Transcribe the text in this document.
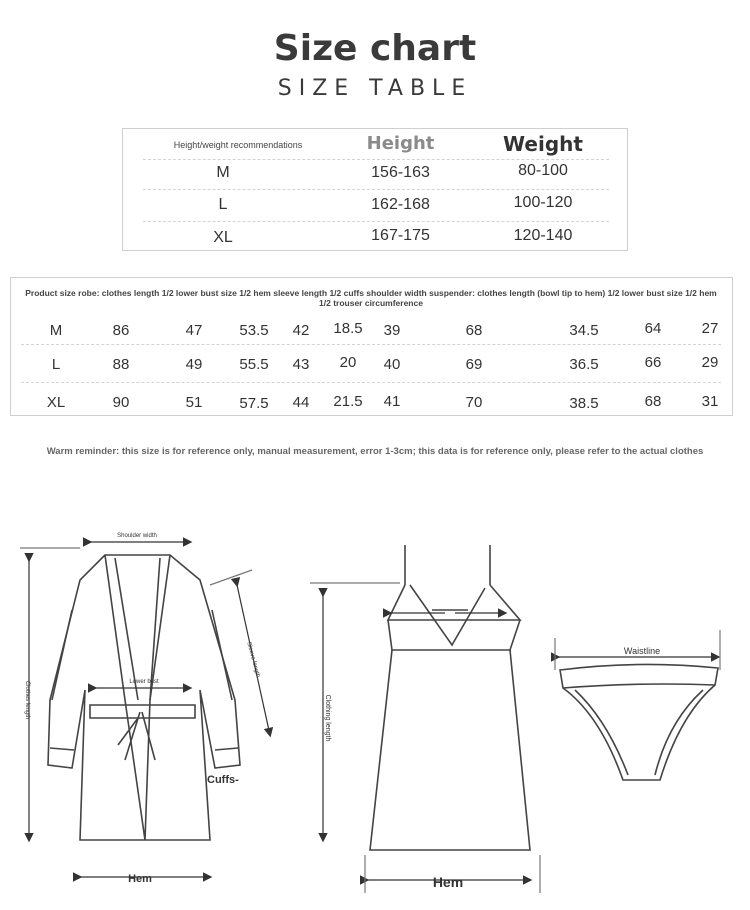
Size chart
SIZE TABLE
Height/weight recommendations	Height	Weight
M	156-163	80-100
L	162-168	100-120
XL	167-175	120-140
Product size robe: clothes length 1/2 lower bust size 1/2 hem sleeve length 1/2 cuffs shoulder width suspender: clothes length (bowl tip to hem) 1/2 lower bust size 1/2 hem 1/2 trouser circumference
M	86	47	53.5	42	18.5	39	68	34.5	64	27
L	88	49	55.5	43	20	40	69	36.5	66	29
XL	90	51	57.5	44	21.5	41	70	38.5	68	31
Warm reminder: this size is for reference only, manual measurement, error 1-3cm; this data is for reference only, please refer to the actual clothes
Shoulder width
Lower bust
Clothes length
Sleeve length
Cuffs-
Hem
Clothing length
Hem
Waistline
